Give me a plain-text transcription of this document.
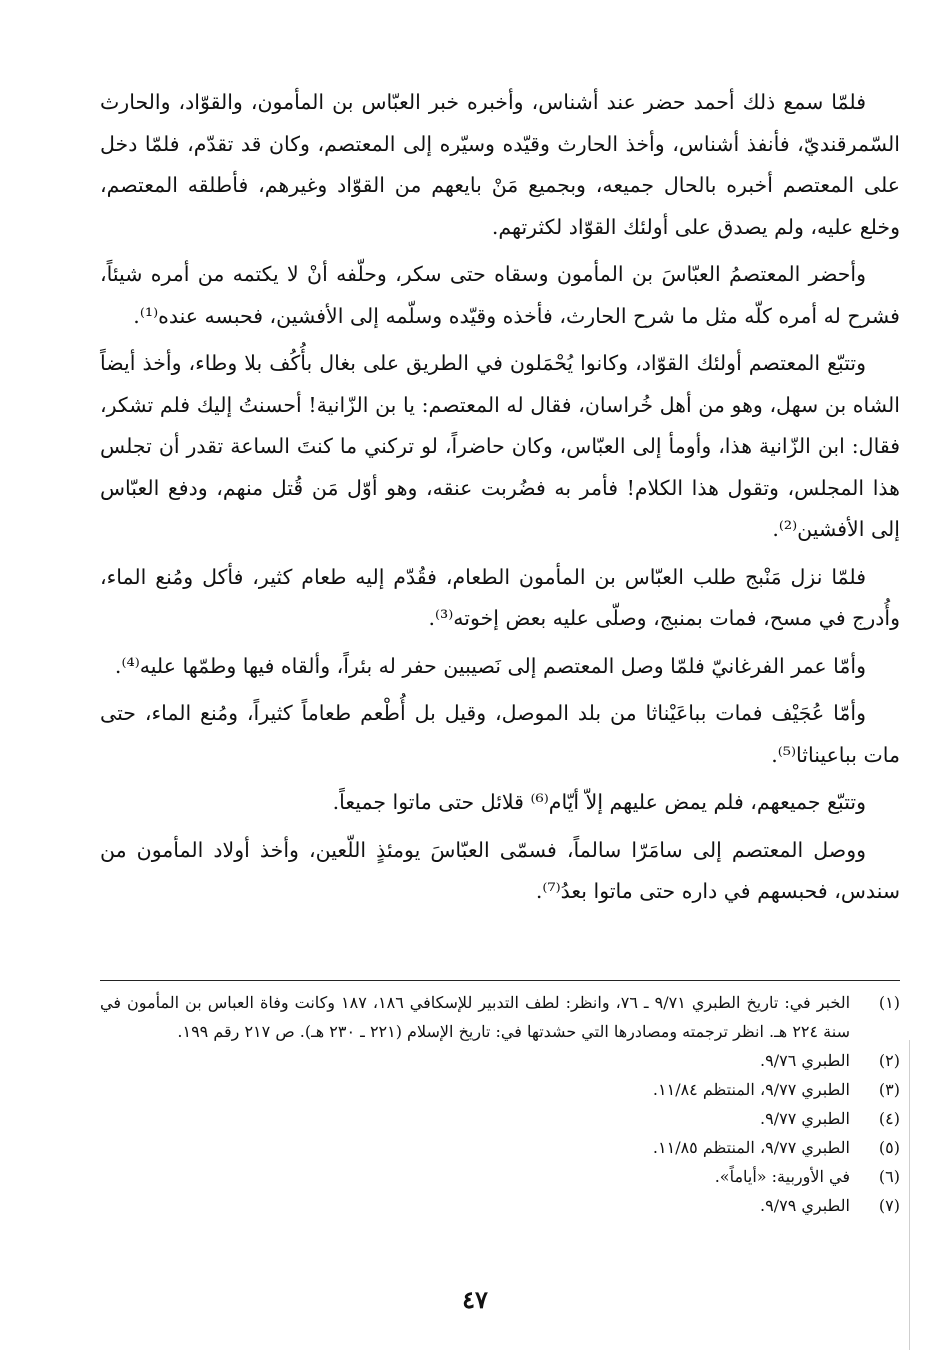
فلمّا سمع ذلك أحمد حضر عند أشناس، وأخبره خبر العبّاس بن المأمون، والقوّاد، والحارث السّمرقنديّ، فأنفذ أشناس، وأخذ الحارث وقيّده وسيّره إلى المعتصم، وكان قد تقدّم، فلمّا دخل على المعتصم أخبره بالحال جميعه، وبجميع مَنْ بايعهم من القوّاد وغيرهم، فأطلقه المعتصم، وخلع عليه، ولم يصدق على أولئك القوّاد لكثرتهم.

وأحضر المعتصمُ العبّاسَ بن المأمون وسقاه حتى سكر، وحلّفه أنْ لا يكتمه من أمره شيئاً، فشرح له أمره كلّه مثل ما شرح الحارث، فأخذه وقيّده وسلّمه إلى الأفشين، فحبسه عنده⁽¹⁾.

وتتبّع المعتصم أولئك القوّاد، وكانوا يُحْمَلون في الطريق على بغال بأُكُف بلا وطاء، وأخذ أيضاً الشاه بن سهل، وهو من أهل خُراسان، فقال له المعتصم: يا بن الزّانية! أحسنتُ إليك فلم تشكر، فقال: ابن الزّانية هذا، وأومأ إلى العبّاس، وكان حاضراً، لو تركني ما كنتَ الساعة تقدر أن تجلس هذا المجلس، وتقول هذا الكلام! فأمر به فضُربت عنقه، وهو أوّل مَن قُتل منهم، ودفع العبّاس إلى الأفشين⁽²⁾.

فلمّا نزل مَنْبج طلب العبّاس بن المأمون الطعام، فقُدّم إليه طعام كثير، فأكل ومُنع الماء، وأُدرج في مسح، فمات بمنبج، وصلّى عليه بعض إخوته⁽³⁾.

وأمّا عمر الفرغانيّ فلمّا وصل المعتصم إلى نَصيبين حفر له بئراً، وألقاه فيها وطمّها عليه⁽⁴⁾.

وأمّا عُجَيْف فمات بباعَيْناثا من بلد الموصل، وقيل بل أُطْعم طعاماً كثيراً، ومُنع الماء، حتى مات بباعيناثا⁽⁵⁾.

وتتبّع جميعهم، فلم يمض عليهم إلاّ أيّام⁽⁶⁾ قلائل حتى ماتوا جميعاً.

ووصل المعتصم إلى سامَرّا سالماً، فسمّى العبّاسَ يومئذٍ اللّعين، وأخذ أولاد المأمون من سندس، فحبسهم في داره حتى ماتوا بعدُ⁽⁷⁾.

(١)
الخبر في: تاريخ الطبري ٩/٧١ ـ ٧٦، وانظر: لطف التدبير للإسكافي ١٨٦، ١٨٧ وكانت وفاة العباس بن المأمون في سنة ٢٢٤ هـ. انظر ترجمته ومصادرها التي حشدتها في: تاريخ الإسلام (٢٢١ ـ ٢٣٠ هـ). ص ٢١٧ رقم ١٩٩.
(٢)
الطبري ٩/٧٦.
(٣)
الطبري ٩/٧٧، المنتظم ١١/٨٤.
(٤)
الطبري ٩/٧٧.
(٥)
الطبري ٩/٧٧، المنتظم ١١/٨٥.
(٦)
في الأوربية: «أياماً».
(٧)
الطبري ٩/٧٩.
٤٧
